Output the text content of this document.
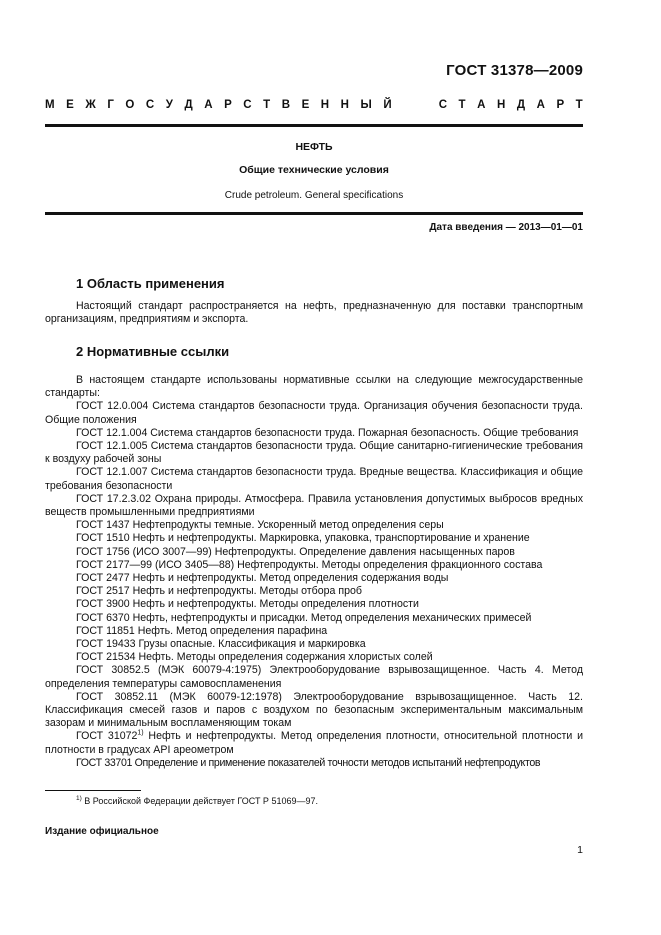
ГОСТ 31378—2009
М Е Ж Г О С У Д А Р С Т В Е Н Н Ы Й	С Т А Н Д А Р Т
НЕФТЬ
Общие технические условия
Crude petroleum. General specifications
Дата введения — 2013—01—01
1 Область применения
Настоящий стандарт распространяется на нефть, предназначенную для поставки транспортным организациям, предприятиям и экспорта.
2 Нормативные ссылки

В настоящем стандарте использованы нормативные ссылки на следующие межгосударственные стандарты:

ГОСТ 12.0.004 Система стандартов безопасности труда. Организация обучения безопасности труда. Общие положения

ГОСТ 12.1.004 Система стандартов безопасности труда. Пожарная безопасность. Общие требования

ГОСТ 12.1.005 Система стандартов безопасности труда. Общие санитарно-гигиенические требования к воздуху рабочей зоны

ГОСТ 12.1.007 Система стандартов безопасности труда. Вредные вещества. Классификация и общие требования безопасности

ГОСТ 17.2.3.02 Охрана природы. Атмосфера. Правила установления допустимых выбросов вредных веществ промышленными предприятиями

ГОСТ 1437 Нефтепродукты темные. Ускоренный метод определения серы

ГОСТ 1510 Нефть и нефтепродукты. Маркировка, упаковка, транспортирование и хранение

ГОСТ 1756 (ИСО 3007—99) Нефтепродукты. Определение давления насыщенных паров

ГОСТ 2177—99 (ИСО 3405—88) Нефтепродукты. Методы определения фракционного состава

ГОСТ 2477 Нефть и нефтепродукты. Метод определения содержания воды

ГОСТ 2517 Нефть и нефтепродукты. Методы отбора проб

ГОСТ 3900 Нефть и нефтепродукты. Методы определения плотности

ГОСТ 6370 Нефть, нефтепродукты и присадки. Метод определения механических примесей

ГОСТ 11851 Нефть. Метод определения парафина

ГОСТ 19433 Грузы опасные. Классификация и маркировка

ГОСТ 21534 Нефть. Методы определения содержания хлористых солей

ГОСТ 30852.5 (МЭК 60079-4:1975) Электрооборудование взрывозащищенное. Часть 4. Метод определения температуры самовоспламенения

ГОСТ 30852.11 (МЭК 60079-12:1978) Электрооборудование взрывозащищенное. Часть 12. Классификация смесей газов и паров с воздухом по безопасным экспериментальным максимальным зазорам и минимальным воспламеняющим токам

ГОСТ 31072$^{1)}$ Нефть и нефтепродукты. Метод определения плотности, относительной плотности и плотности в градусах API ареометром

ГОСТ 33701 Определение и применение показателей точности методов испытаний нефтепродуктов

$^{1)}$ В Российской Федерации действует ГОСТ Р 51069—97.
Издание официальное
1
